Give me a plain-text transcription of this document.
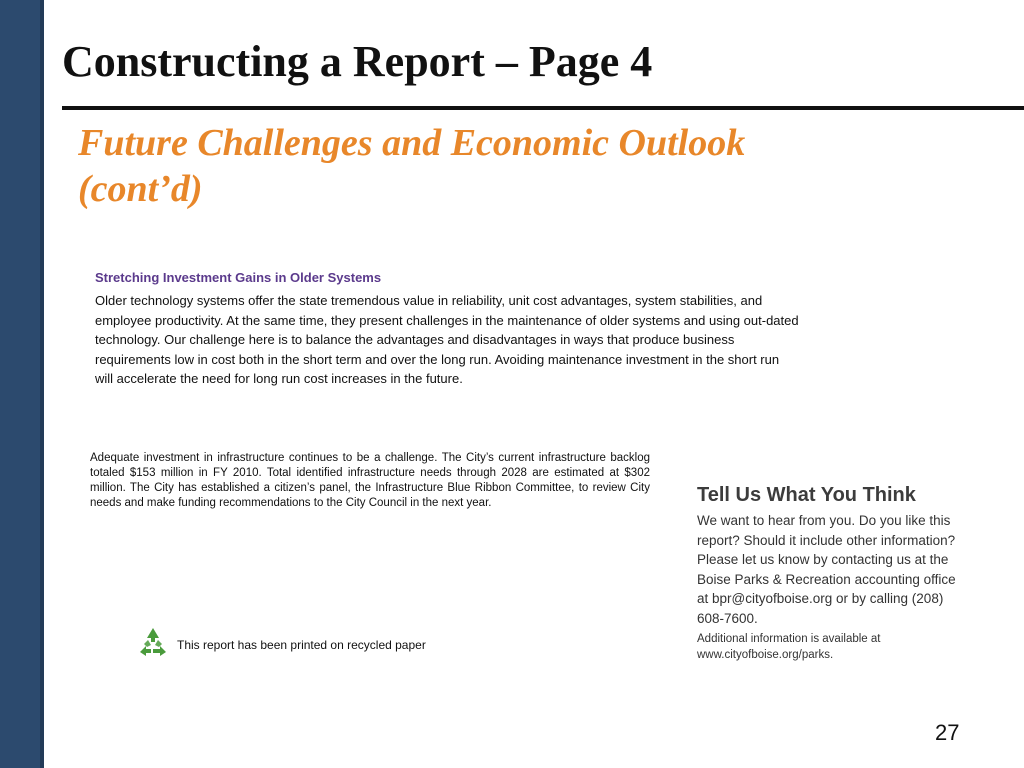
Constructing a Report – Page 4
Future Challenges and Economic Outlook
(cont’d)
Stretching Investment Gains in Older Systems

Older technology systems offer the state tremendous value in reliability, unit cost advantages, system stabilities, and employee productivity. At the same time, they present challenges in the maintenance of older systems and using out-dated technology. Our challenge here is to balance the advantages and disadvantages in ways that produce business requirements low in cost both in the short term and over the long run. Avoiding maintenance investment in the short run will accelerate the need for long run cost increases in the future.

Adequate investment in infrastructure continues to be a challenge. The City’s current infrastructure backlog totaled $153 million in FY 2010. Total identified infrastructure needs through 2028 are estimated at $302 million. The City has established a citizen’s panel, the Infrastructure Blue Ribbon Committee, to review City needs and make funding recommendations to the City Council in the next year.

This report has been printed on recycled paper
Tell Us What You Think

We want to hear from you. Do you like this report? Should it include other information? Please let us know by contacting us at the Boise Parks & Recreation accounting office at bpr@cityofboise.org or by calling (208) 608-7600.

Additional information is available at
www.cityofboise.org/parks.

27
